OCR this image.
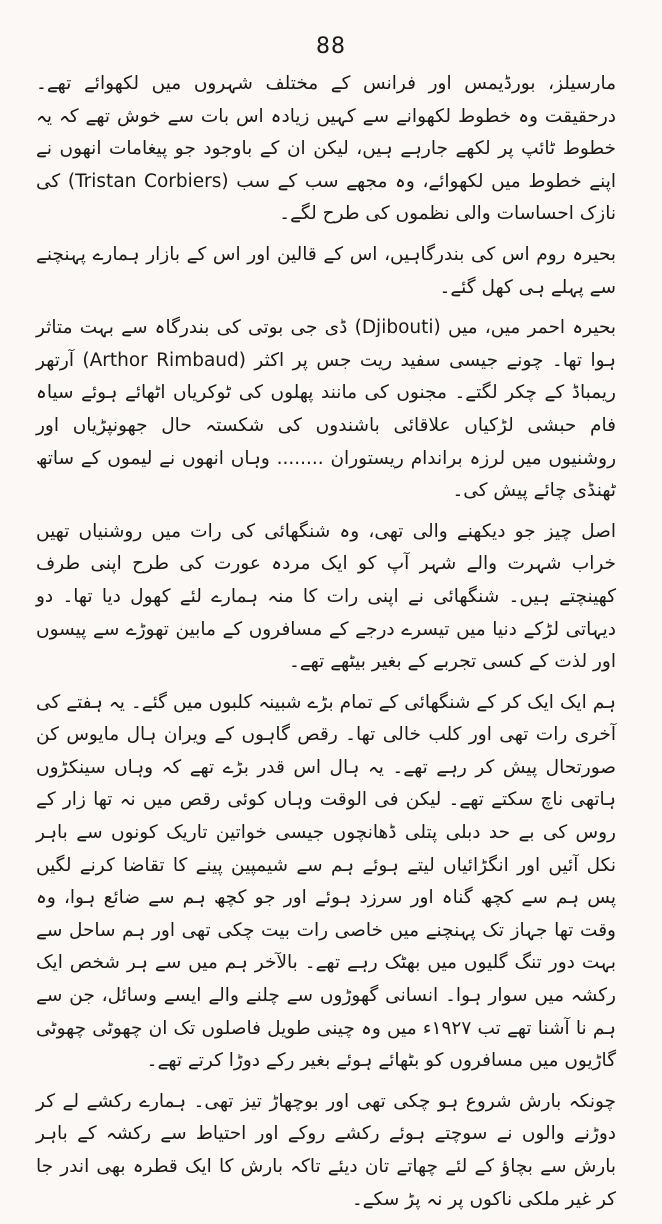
88

مارسیلز، بورڈیمس اور فرانس کے مختلف شہروں میں لکھوائے تھے۔ درحقیقت وہ خطوط لکھوانے سے کہیں زیادہ اس بات سے خوش تھے کہ یہ خطوط ٹائپ پر لکھے جارہے ہیں، لیکن ان کے باوجود جو پیغامات انھوں نے اپنے خطوط میں لکھوائے، وہ مجھے سب کے سب (Tristan Corbiers) کی نازک احساسات والی نظموں کی طرح لگے۔

بحیرہ روم اس کی بندرگاہیں، اس کے قالین اور اس کے بازار ہمارے پہنچنے سے پہلے ہی کھل گئے۔

بحیرہ احمر میں، میں (Djibouti) ڈی جی بوتی کی بندرگاہ سے بہت متاثر ہوا تھا۔ چونے جیسی سفید ریت جس پر اکثر (Arthor Rimbaud) آرتھر ریمباڈ کے چکر لگتے۔ مجنوں کی مانند پھلوں کی ٹوکریاں اٹھائے ہوئے سیاہ فام حبشی لڑکیاں علاقائی باشندوں کی شکستہ حال جھونپڑیاں اور روشنیوں میں لرزہ براندام ریستوران ........ وہاں انھوں نے لیموں کے ساتھ ٹھنڈی چائے پیش کی۔

اصل چیز جو دیکھنے والی تھی، وہ شنگھائی کی رات میں روشنیاں تھیں خراب شہرت والے شہر آپ کو ایک مردہ عورت کی طرح اپنی طرف کھینچتے ہیں۔ شنگھائی نے اپنی رات کا منہ ہمارے لئے کھول دیا تھا۔ دو دیہاتی لڑکے دنیا میں تیسرے درجے کے مسافروں کے مابین تھوڑے سے پیسوں اور لذت کے کسی تجربے کے بغیر بیٹھے تھے۔

ہم ایک ایک کر کے شنگھائی کے تمام بڑے شبینہ کلبوں میں گئے۔ یہ ہفتے کی آخری رات تھی اور کلب خالی تھا۔ رقص گاہوں کے ویران ہال مایوس کن صورتحال پیش کر رہے تھے۔ یہ ہال اس قدر بڑے تھے کہ وہاں سینکڑوں ہاتھی ناچ سکتے تھے۔ لیکن فی الوقت وہاں کوئی رقص میں نہ تھا زار کے روس کی بے حد دبلی پتلی ڈھانچوں جیسی خواتین تاریک کونوں سے باہر نکل آئیں اور انگڑائیاں لیتے ہوئے ہم سے شیمپین پینے کا تقاضا کرنے لگیں پس ہم سے کچھ گناہ اور سرزد ہوئے اور جو کچھ ہم سے ضائع ہوا، وہ وقت تھا جہاز تک پہنچنے میں خاصی رات بیت چکی تھی اور ہم ساحل سے بہت دور تنگ گلیوں میں بھٹک رہے تھے۔ بالآخر ہم میں سے ہر شخص ایک رکشہ میں سوار ہوا۔ انسانی گھوڑوں سے چلنے والے ایسے وسائل، جن سے ہم نا آشنا تھے تب ۱۹۲۷ء میں وہ چینی طویل فاصلوں تک ان چھوٹی چھوٹی گاڑیوں میں مسافروں کو بٹھائے ہوئے بغیر رکے دوڑا کرتے تھے۔

چونکہ بارش شروع ہو چکی تھی اور بوچھاڑ تیز تھی۔ ہمارے رکشے لے کر دوڑنے والوں نے سوچتے ہوئے رکشے روکے اور احتیاط سے رکشہ کے باہر بارش سے بچاؤ کے لئے چھاتے تان دیئے تاکہ بارش کا ایک قطرہ بھی اندر جا کر غیر ملکی ناکوں پر نہ پڑ سکے۔
